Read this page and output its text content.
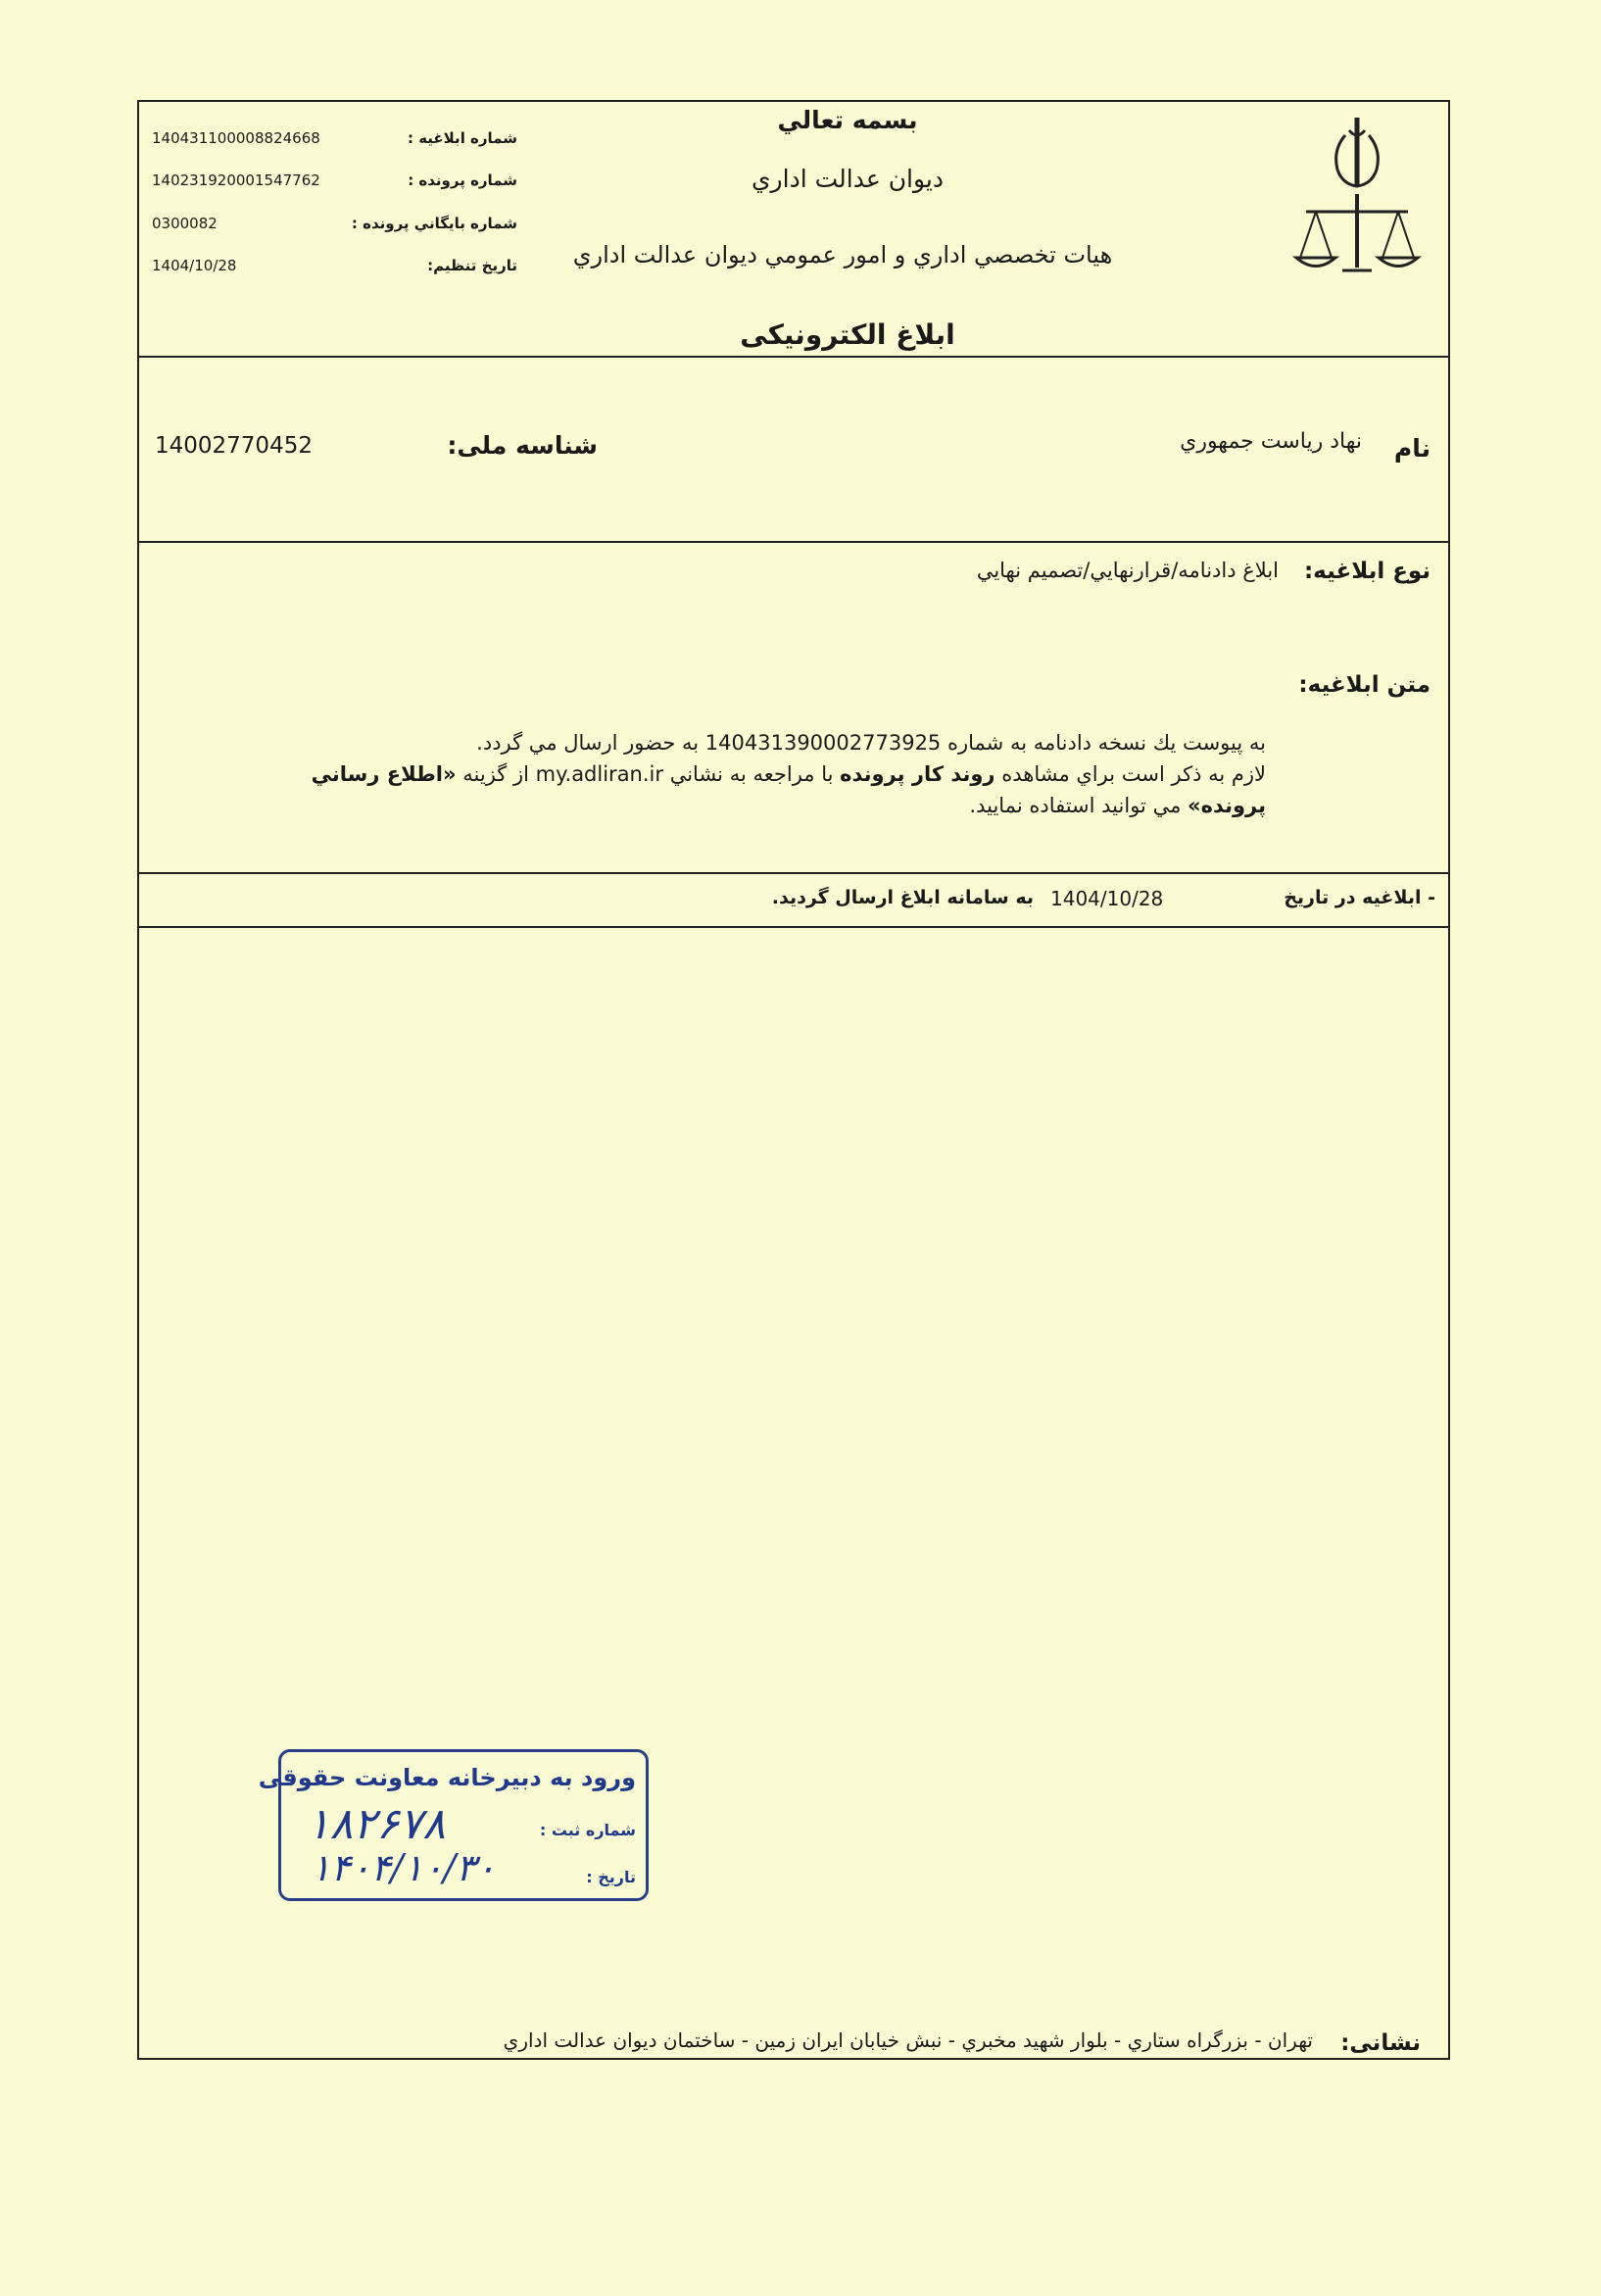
بسمه تعالي
ديوان عدالت اداري
هيات تخصصي اداري و امور عمومي ديوان عدالت اداري
ابلاغ الکترونیکی
140431100008824668	شماره ابلاغيه :
140231920001547762	شماره پرونده :
0300082	شماره بايگاني پرونده :
1404/10/28	تاريخ تنظيم:
نام
نهاد رياست جمهوري
شناسه ملی:
14002770452
نوع ابلاغيه:
ابلاغ دادنامه/قرارنهايي/تصميم نهايي
متن ابلاغيه:
به پيوست يك نسخه دادنامه به شماره 140431390002773925 به حضور ارسال مي گردد.
لازم به ذكر است براي مشاهده روند كار پرونده با مراجعه به نشاني my.adliran.ir از گزينه «اطلاع رساني
پرونده» مي توانيد استفاده نماييد.
- ابلاغيه در تاريخ
1404/10/28
به سامانه ابلاغ ارسال گرديد.
ورود به دبيرخانه معاونت حقوقی
شماره ثبت :
۱۸۲۶۷۸
تاریخ :
۱۴۰۴/۱۰/۳۰
نشانی:
تهران - بزرگراه ستاري - بلوار شهيد مخبري - نبش خيابان ايران زمين - ساختمان ديوان عدالت اداري
